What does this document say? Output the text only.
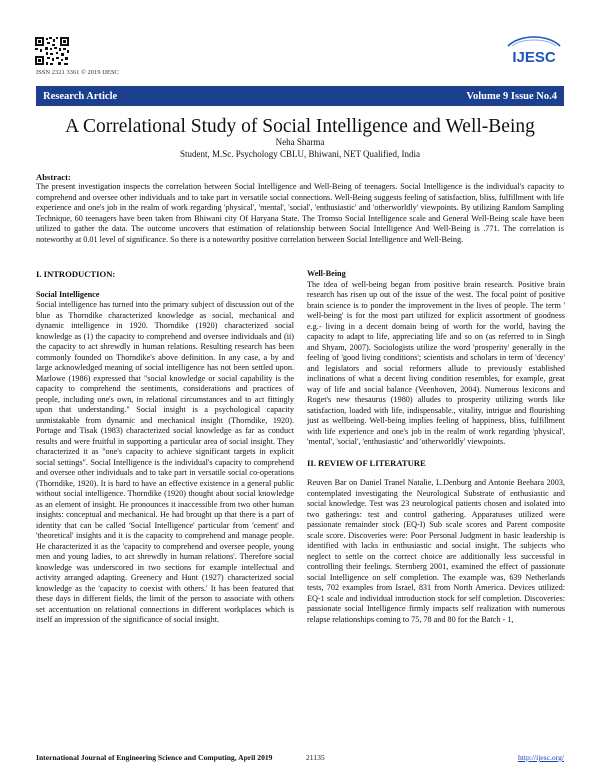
ISSN 2321 3361 © 2019 IJESC
IJESC
Research Article	Volume 9 Issue No.4
A Correlational Study of Social Intelligence and Well-Being
Neha Sharma
Student, M.Sc. Psychology CBLU, Bhiwani, NET Qualified, India
Abstract:
The present investigation inspects the correlation between Social Intelligence and Well-Being of teenagers. Social Intelligence is the individual's capacity to comprehend and oversee other individuals and to take part in versatile social connections. Well-Being suggests feeling of satisfaction, bliss, fulfillment with life experience and one's job in the realm of work regarding 'physical', 'mental', 'social', 'enthusiastic' and 'otherworldly' viewpoints. By utilizing Random Sampling Technique, 60 teenagers have been taken from Bhiwani city Of Haryana State. The Tromso Social Intelligence scale and General Well-Being scale have been utilized to gather the data. The outcome uncovers that estimation of relationship between Social Intelligence And Well-Being is .771. The correlation is noteworthy at 0.01 level of significance. So there is a noteworthy positive correlation between Social Intelligence and Well-Being.
I. INTRODUCTION:
Social Intelligence
Social intelligence has turned into the primary subject of discussion out of the blue as Thorndike characterized knowledge as social, mechanical and dynamic intelligence in 1920. Thorndike (1920) characterized social knowledge as (1) the capacity to comprehend and oversee individuals and (ii) the capacity to act shrewdly in human relations. Resulting research has been commonly founded on Thorndike's above definition. In any case, a by and large acknowledged meaning of social intelligence has not been settled upon. Marlowe (1986) expressed that "social knowledge or social capability is the capacity to comprehend the sentiments, considerations and practices of people, including one's own, in relational circumstances and to act fittingly upon that understanding." Social insight is a psychological capacity unmistakable from dynamic and mechanical insight (Thorndike, 1920). Portage and Tisak (1983) characterized social knowledge as far as conduct results and were fruitful in supporting a particular area of social insight. They characterized it as "one's capacity to achieve significant targets in explicit social settings". Social Intelligence is the individual's capacity to comprehend and oversee other individuals and to take part in versatile social co-operations (Thorndike, 1920). It is hard to have an effective existence in a general public without social intelligence. Thorndike (1920) thought about social knowledge as an element of insight. He pronounces it inaccessible from two other human insights: conceptual and mechanical. He had brought up that there is a part of identity that can be called 'Social Intelligence' particular from 'cement' and 'theoretical' insights and it is the capacity to comprehend and manage people. He characterized it as the 'capacity to comprehend and oversee people, young men and young ladies, to act shrewdly in human relations'. Therefore social knowledge was underscored in two sections for example intellectual and activity arranged adapting. Greenecy and Hunt (1927) characterized social knowledge as the 'capacity to coexist with others.' It has been featured that these days in different fields, the limit of the person to associate with others set accentuation on relational connections in different workplaces which is itself an impression of the significance of social insight.
Well-Being
The idea of well-being began from positive brain research. Positive brain research has risen up out of the issue of the west. The focal point of positive brain science is to ponder the improvement in the lives of people. The term ' well-being' is for the most part utilized for explicit assortment of goodness e.g.- living in a decent domain being of worth for the world, having the capacity to adapt to life, appreciating life and so on (as referred to in Singh and Shyam, 2007). Sociologists utilize the word 'prosperity' generally in the feeling of 'good living conditions'; scientists and scholars in term of 'decency' and legislators and social reformers allude to previously established inclinations of what a decent living condition resembles, for example, great way of life and social balance (Veenhoven, 2004). Numerous lexicons and Roget's new thesaurus (1980) alludes to prosperity utilizing words like satisfaction, loaded with life, indispensable., vitality, intrigue and flourishing just as wellbeing. Well-being implies feeling of happiness, bliss, fulfillment with life experience and one's job in the realm of work regarding 'physical', 'mental', 'social', 'enthusiastic' and 'otherworldly' viewpoints.
II. REVIEW OF LITERATURE
Reuven Bar on Daniel Tranel Natalie, L.Denburg and Antonie Beehara 2003, contemplated investigating the Neurological Substrate of enthusiastic and social knowledge. Test was 23 neurological patients chosen and isolated into two gatherings: test and control gathering. Apparatuses utilized were passionate remainder stock (EQ-I) Sub scale scores and Parent composite scale score. Discoveries were: Poor Personal Judgment in basic leadership is identified with lacks in enthusiastic and social insight. The subjects who neglect to settle on the correct choice are additionally less successful in controlling their feelings. Sternberg 2001, examined the effect of passionate social Intelligence on self completion. The example was, 639 Netherlands tests, 702 examples from Israel, 831 from North America. Devices utilized: EQ-1 scale and individual introduction stock for self completion. Discoveries: passionate social Intelligence firmly impacts self realization with numerous relapse relationships coming to 75, 78 and 80 for the Batch - 1,
International Journal of Engineering Science and Computing, April 2019	21135	http://ijesc.org/
